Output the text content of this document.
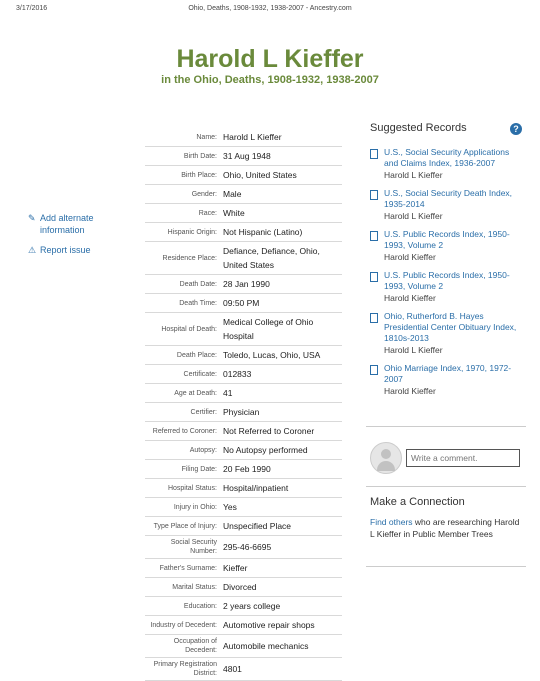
3/17/2016	Ohio, Deaths, 1908-1932, 1938-2007 - Ancestry.com
Harold L Kieffer
in the Ohio, Deaths, 1908-1932, 1938-2007
✎ Add alternate information
⚠ Report issue
Name:	Harold L Kieffer
Birth Date:	31 Aug 1948
Birth Place:	Ohio, United States
Gender:	Male
Race:	White
Hispanic Origin:	Not Hispanic (Latino)
Residence Place:	Defiance, Defiance, Ohio, United States
Death Date:	28 Jan 1990
Death Time:	09:50 PM
Hospital of Death:	Medical College of Ohio Hospital
Death Place:	Toledo, Lucas, Ohio, USA
Certificate:	012833
Age at Death:	41
Certifier:	Physician
Referred to Coroner:	Not Referred to Coroner
Autopsy:	No Autopsy performed
Filing Date:	20 Feb 1990
Hospital Status:	Hospital/inpatient
Injury in Ohio:	Yes
Type Place of Injury:	Unspecified Place
Social Security Number:	295-46-6695
Father's Surname:	Kieffer
Marital Status:	Divorced
Education:	2 years college
Industry of Decedent:	Automotive repair shops
Occupation of Decedent:	Automobile mechanics
Primary Registration District:	4801
Suggested Records	?
U.S., Social Security Applications and Claims Index, 1936-2007
Harold L Kieffer
U.S., Social Security Death Index, 1935-2014
Harold L Kieffer
U.S. Public Records Index, 1950-1993, Volume 2
Harold Kieffer
U.S. Public Records Index, 1950-1993, Volume 2
Harold Kieffer
Ohio, Rutherford B. Hayes Presidential Center Obituary Index, 1810s-2013
Harold L Kieffer
Ohio Marriage Index, 1970, 1972-2007
Harold Kieffer
Write a comment.
Make a Connection
Find others who are researching Harold L Kieffer in Public Member Trees
